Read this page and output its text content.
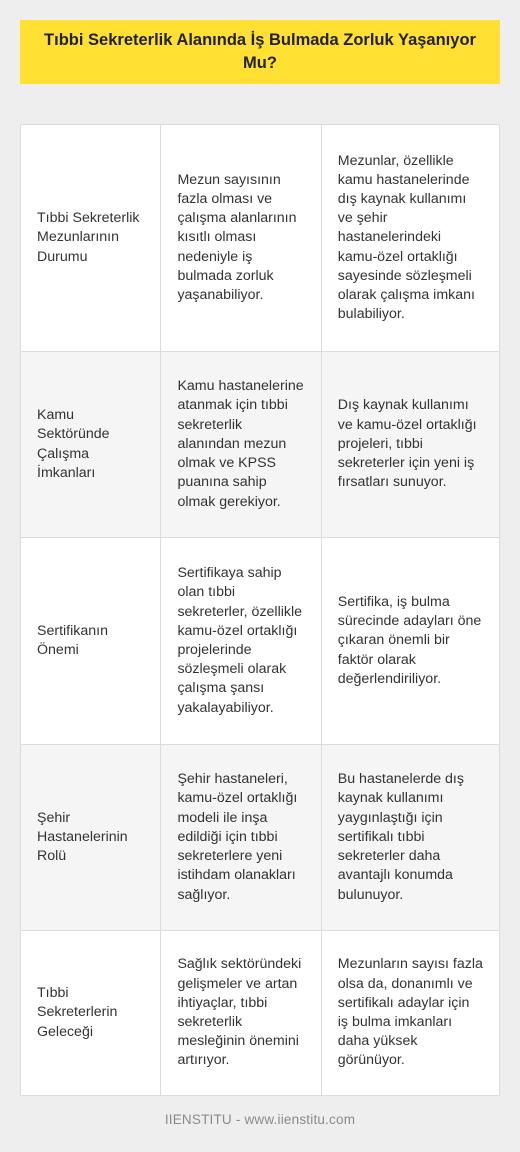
Tıbbi Sekreterlik Alanında İş Bulmada Zorluk Yaşanıyor Mu?
Tıbbi Sekreterlik Mezunlarının Durumu
Mezun sayısının fazla olması ve çalışma alanlarının kısıtlı olması nedeniyle iş bulmada zorluk yaşanabiliyor.
Mezunlar, özellikle kamu hastanelerinde dış kaynak kullanımı ve şehir hastanelerindeki kamu-özel ortaklığı sayesinde sözleşmeli olarak çalışma imkanı bulabiliyor.
Kamu Sektöründe Çalışma İmkanları
Kamu hastanelerine atanmak için tıbbi sekreterlik alanından mezun olmak ve KPSS puanına sahip olmak gerekiyor.
Dış kaynak kullanımı ve kamu-özel ortaklığı projeleri, tıbbi sekreterler için yeni iş fırsatları sunuyor.
Sertifikanın Önemi
Sertifikaya sahip olan tıbbi sekreterler, özellikle kamu-özel ortaklığı projelerinde sözleşmeli olarak çalışma şansı yakalayabiliyor.
Sertifika, iş bulma sürecinde adayları öne çıkaran önemli bir faktör olarak değerlendiriliyor.
Şehir Hastanelerinin Rolü
Şehir hastaneleri, kamu-özel ortaklığı modeli ile inşa edildiği için tıbbi sekreterlere yeni istihdam olanakları sağlıyor.
Bu hastanelerde dış kaynak kullanımı yaygınlaştığı için sertifikalı tıbbi sekreterler daha avantajlı konumda bulunuyor.
Tıbbi Sekreterlerin Geleceği
Sağlık sektöründeki gelişmeler ve artan ihtiyaçlar, tıbbi sekreterlik mesleğinin önemini artırıyor.
Mezunların sayısı fazla olsa da, donanımlı ve sertifikalı adaylar için iş bulma imkanları daha yüksek görünüyor.
IIENSTITU - www.iienstitu.com
